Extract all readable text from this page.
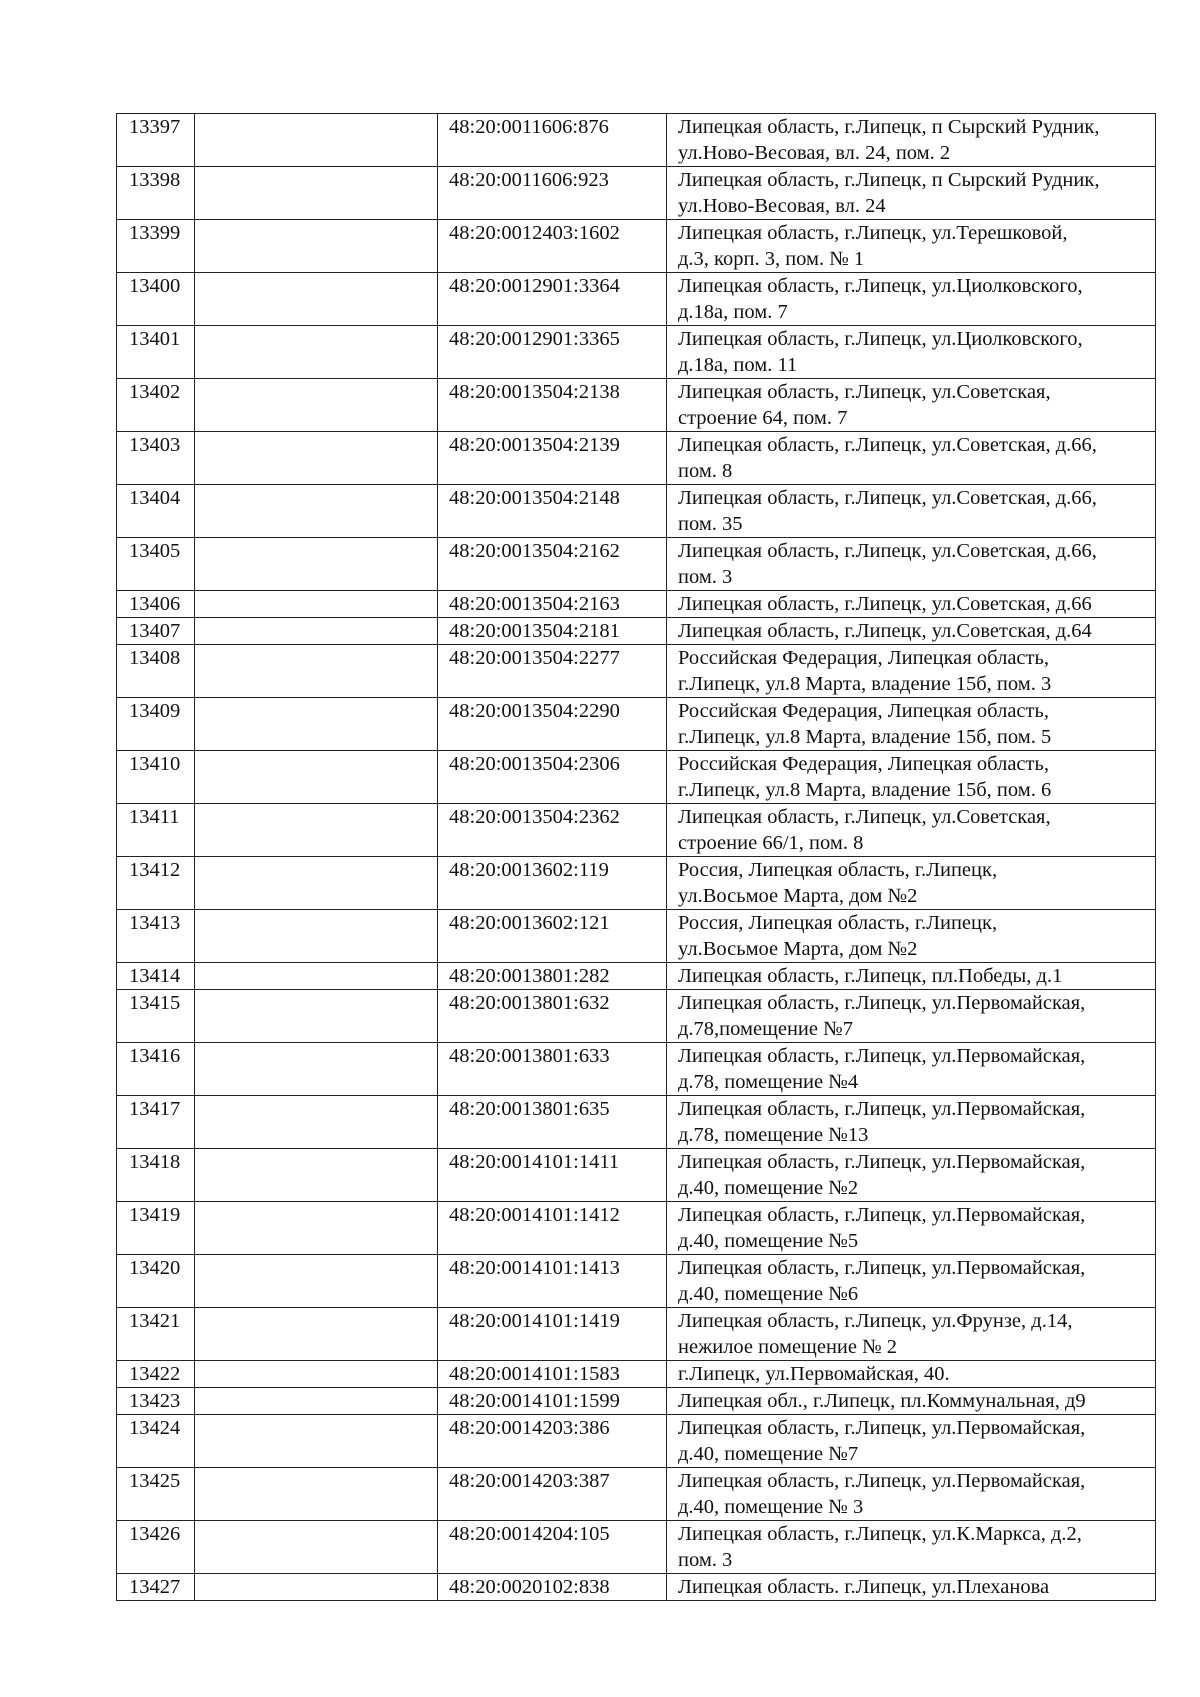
13397		48:20:0011606:876	Липецкая область, г.Липецк, п Сырский Рудник,
ул.Ново-Весовая, вл. 24, пом. 2

13398		48:20:0011606:923	Липецкая область, г.Липецк, п Сырский Рудник,
ул.Ново-Весовая, вл. 24

13399		48:20:0012403:1602	Липецкая область, г.Липецк, ул.Терешковой,
д.3, корп. 3, пом. № 1

13400		48:20:0012901:3364	Липецкая область, г.Липецк, ул.Циолковского,
д.18а, пом. 7

13401		48:20:0012901:3365	Липецкая область, г.Липецк, ул.Циолковского,
д.18а, пом. 11

13402		48:20:0013504:2138	Липецкая область, г.Липецк, ул.Советская,
строение 64, пом. 7

13403		48:20:0013504:2139	Липецкая область, г.Липецк, ул.Советская, д.66,
пом. 8

13404		48:20:0013504:2148	Липецкая область, г.Липецк, ул.Советская, д.66,
пом. 35

13405		48:20:0013504:2162	Липецкая область, г.Липецк, ул.Советская, д.66,
пом. 3

13406		48:20:0013504:2163	Липецкая область, г.Липецк, ул.Советская, д.66

13407		48:20:0013504:2181	Липецкая область, г.Липецк, ул.Советская, д.64

13408		48:20:0013504:2277	Российская Федерация, Липецкая область,
г.Липецк, ул.8 Марта, владение 15б, пом. 3

13409		48:20:0013504:2290	Российская Федерация, Липецкая область,
г.Липецк, ул.8 Марта, владение 15б, пом. 5

13410		48:20:0013504:2306	Российская Федерация, Липецкая область,
г.Липецк, ул.8 Марта, владение 15б, пом. 6

13411		48:20:0013504:2362	Липецкая область, г.Липецк, ул.Советская,
строение 66/1, пом. 8

13412		48:20:0013602:119	Россия, Липецкая область, г.Липецк,
ул.Восьмое Марта, дом №2

13413		48:20:0013602:121	Россия, Липецкая область, г.Липецк,
ул.Восьмое Марта, дом №2

13414		48:20:0013801:282	Липецкая область, г.Липецк, пл.Победы, д.1

13415		48:20:0013801:632	Липецкая область, г.Липецк, ул.Первомайская,
д.78,помещение №7

13416		48:20:0013801:633	Липецкая область, г.Липецк, ул.Первомайская,
д.78, помещение №4

13417		48:20:0013801:635	Липецкая область, г.Липецк, ул.Первомайская,
д.78, помещение №13

13418		48:20:0014101:1411	Липецкая область, г.Липецк, ул.Первомайская,
д.40, помещение №2

13419		48:20:0014101:1412	Липецкая область, г.Липецк, ул.Первомайская,
д.40, помещение №5

13420		48:20:0014101:1413	Липецкая область, г.Липецк, ул.Первомайская,
д.40, помещение №6

13421		48:20:0014101:1419	Липецкая область, г.Липецк, ул.Фрунзе, д.14,
нежилое помещение № 2

13422		48:20:0014101:1583	г.Липецк, ул.Первомайская, 40.

13423		48:20:0014101:1599	Липецкая обл., г.Липецк, пл.Коммунальная, д9

13424		48:20:0014203:386	Липецкая область, г.Липецк, ул.Первомайская,
д.40, помещение №7

13425		48:20:0014203:387	Липецкая область, г.Липецк, ул.Первомайская,
д.40, помещение № 3

13426		48:20:0014204:105	Липецкая область, г.Липецк, ул.К.Маркса, д.2,
пом. 3

13427		48:20:0020102:838	Липецкая область. г.Липецк, ул.Плеханова
